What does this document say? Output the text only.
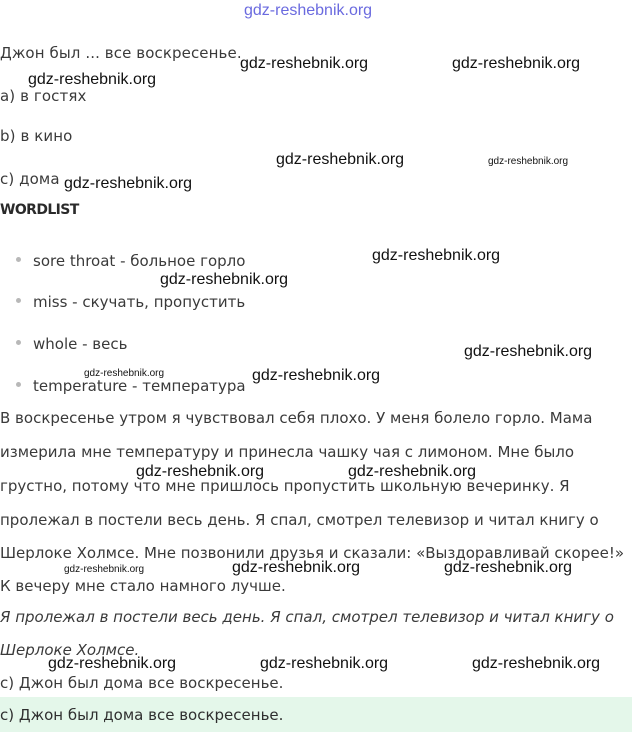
gdz-reshebnik.org
Джон был ... все воскресенье.
a) в гостях
b) в кино
c) дома
WORDLIST
sore throat - больное горло
miss - скучать, пропустить
whole - весь
temperature - температура
В воскресенье утром я чувствовал себя плохо. У меня болело горло. Мама
измерила мне температуру и принесла чашку чая с лимоном. Мне было
грустно, потому что мне пришлось пропустить школьную вечеринку. Я
пролежал в постели весь день. Я спал, смотрел телевизор и читал книгу о
Шерлоке Холмсе. Мне позвонили друзья и сказали: «Выздоравливай скорее!»
К вечеру мне стало намного лучше.
Я пролежал в постели весь день. Я спал, смотрел телевизор и читал книгу о
Шерлоке Холмсе.
c) Джон был дома все воскресенье.
c) Джон был дома все воскресенье.
gdz-reshebnik.org	gdz-reshebnik.org
gdz-reshebnik.org
gdz-reshebnik.org	gdz-reshebnik.org
gdz-reshebnik.org
gdz-reshebnik.org
gdz-reshebnik.org
gdz-reshebnik.org
gdz-reshebnik.org	gdz-reshebnik.org
gdz-reshebnik.org	gdz-reshebnik.org
gdz-reshebnik.org	gdz-reshebnik.org	gdz-reshebnik.org
gdz-reshebnik.org	gdz-reshebnik.org	gdz-reshebnik.org
